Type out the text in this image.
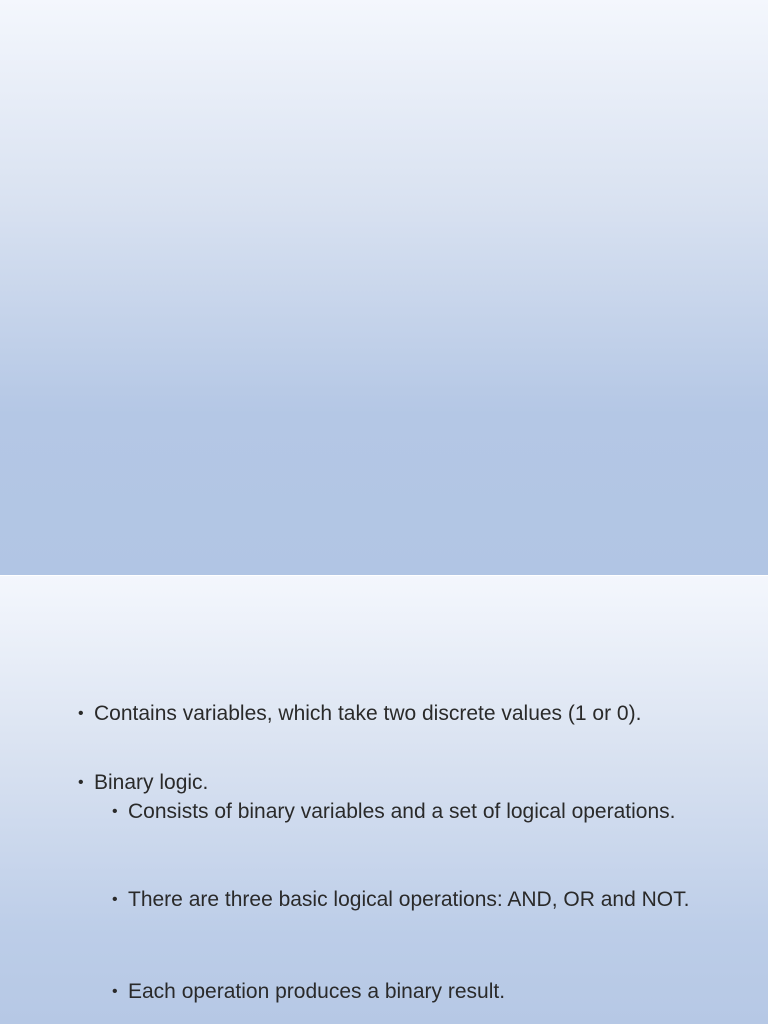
• Contains variables, which take two discrete values (1 or 0).
• Binary logic.
• Consists of binary variables and a set of logical operations.
• There are three basic logical operations: AND, OR and NOT.
• Each operation produces a binary result.
